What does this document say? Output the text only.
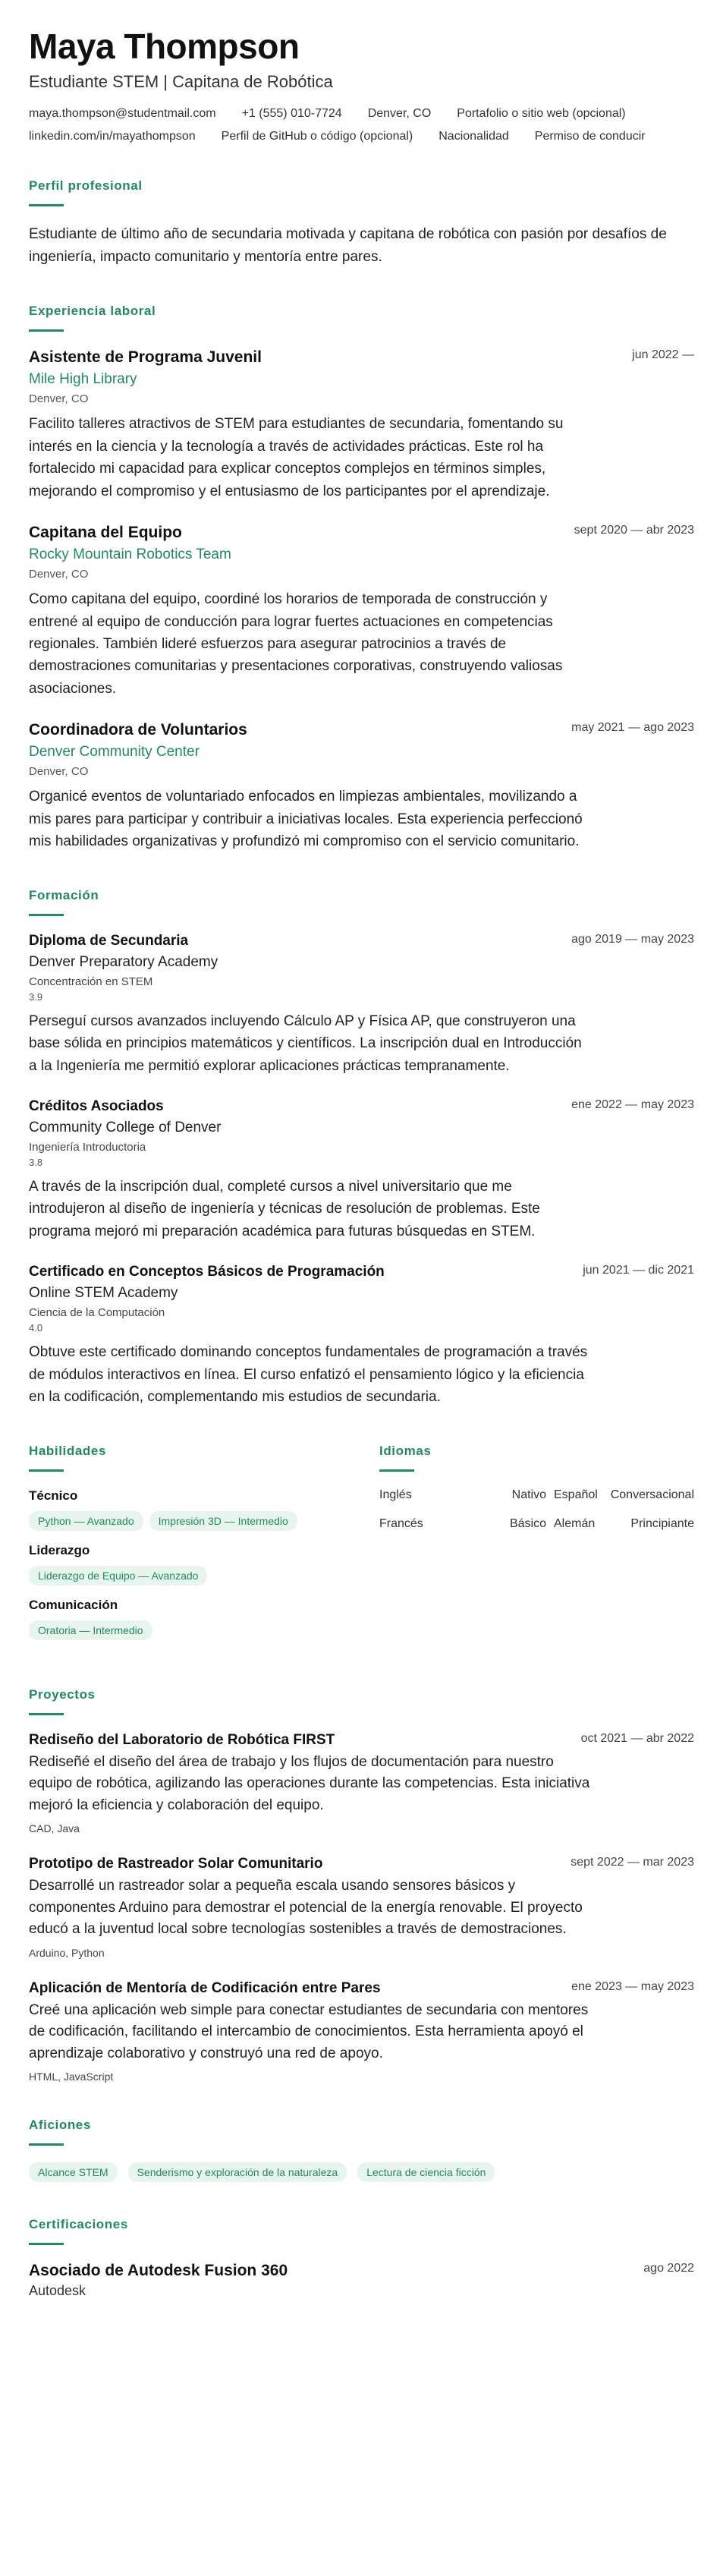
Maya Thompson
Estudiante STEM | Capitana de Robótica
maya.thompson@studentmail.com +1 (555) 010-7724 Denver, CO Portafolio o sitio web (opcional)
linkedin.com/in/mayathompson Perfil de GitHub o código (opcional) Nacionalidad Permiso de conducir
Perfil profesional
Estudiante de último año de secundaria motivada y capitana de robótica con pasión por desafíos de ingeniería, impacto comunitario y mentoría entre pares.
Experiencia laboral
Asistente de Programa Juvenil	jun 2022 —
Mile High Library
Denver, CO
Facilito talleres atractivos de STEM para estudiantes de secundaria, fomentando su interés en la ciencia y la tecnología a través de actividades prácticas. Este rol ha fortalecido mi capacidad para explicar conceptos complejos en términos simples, mejorando el compromiso y el entusiasmo de los participantes por el aprendizaje.
Capitana del Equipo	sept 2020 — abr 2023
Rocky Mountain Robotics Team
Denver, CO
Como capitana del equipo, coordiné los horarios de temporada de construcción y entrené al equipo de conducción para lograr fuertes actuaciones en competencias regionales. También lideré esfuerzos para asegurar patrocinios a través de demostraciones comunitarias y presentaciones corporativas, construyendo valiosas asociaciones.
Coordinadora de Voluntarios	may 2021 — ago 2023
Denver Community Center
Denver, CO
Organicé eventos de voluntariado enfocados en limpiezas ambientales, movilizando a mis pares para participar y contribuir a iniciativas locales. Esta experiencia perfeccionó mis habilidades organizativas y profundizó mi compromiso con el servicio comunitario.
Formación
Diploma de Secundaria	ago 2019 — may 2023
Denver Preparatory Academy
Concentración en STEM
3.9
Perseguí cursos avanzados incluyendo Cálculo AP y Física AP, que construyeron una base sólida en principios matemáticos y científicos. La inscripción dual en Introducción a la Ingeniería me permitió explorar aplicaciones prácticas tempranamente.
Créditos Asociados	ene 2022 — may 2023
Community College of Denver
Ingeniería Introductoria
3.8
A través de la inscripción dual, completé cursos a nivel universitario que me introdujeron al diseño de ingeniería y técnicas de resolución de problemas. Este programa mejoró mi preparación académica para futuras búsquedas en STEM.
Certificado en Conceptos Básicos de Programación	jun 2021 — dic 2021
Online STEM Academy
Ciencia de la Computación
4.0
Obtuve este certificado dominando conceptos fundamentales de programación a través de módulos interactivos en línea. El curso enfatizó el pensamiento lógico y la eficiencia en la codificación, complementando mis estudios de secundaria.
Habilidades
Técnico
Python — Avanzado	Impresión 3D — Intermedio
Liderazgo
Liderazgo de Equipo — Avanzado
Comunicación
Oratoria — Intermedio
Idiomas
Inglés	Nativo Español	Conversacional
Francés	Básico Alemán	Principiante
Proyectos
Rediseño del Laboratorio de Robótica FIRST	oct 2021 — abr 2022
Rediseñé el diseño del área de trabajo y los flujos de documentación para nuestro equipo de robótica, agilizando las operaciones durante las competencias. Esta iniciativa mejoró la eficiencia y colaboración del equipo.
CAD, Java
Prototipo de Rastreador Solar Comunitario	sept 2022 — mar 2023
Desarrollé un rastreador solar a pequeña escala usando sensores básicos y componentes Arduino para demostrar el potencial de la energía renovable. El proyecto educó a la juventud local sobre tecnologías sostenibles a través de demostraciones.
Arduino, Python
Aplicación de Mentoría de Codificación entre Pares	ene 2023 — may 2023
Creé una aplicación web simple para conectar estudiantes de secundaria con mentores de codificación, facilitando el intercambio de conocimientos. Esta herramienta apoyó el aprendizaje colaborativo y construyó una red de apoyo.
HTML, JavaScript
Aficiones
Alcance STEM	Senderismo y exploración de la naturaleza	Lectura de ciencia ficción
Certificaciones
Asociado de Autodesk Fusion 360	ago 2022
Autodesk
